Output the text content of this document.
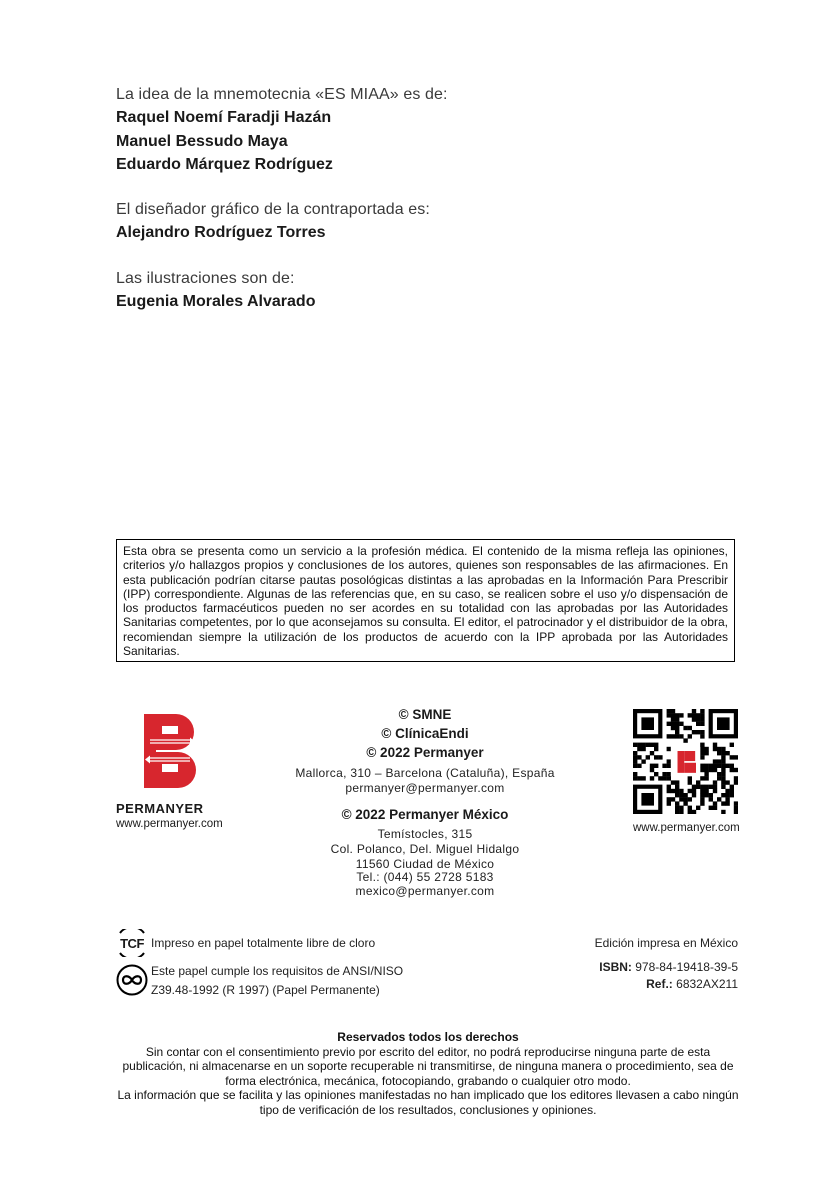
La idea de la mnemotecnia «ES MIAA» es de:
Raquel Noemí Faradji Hazán
Manuel Bessudo Maya
Eduardo Márquez Rodríguez
El diseñador gráfico de la contraportada es:
Alejandro Rodríguez Torres
Las ilustraciones son de:
Eugenia Morales Alvarado
Esta obra se presenta como un servicio a la profesión médica. El contenido de la misma refleja las opiniones, criterios y/o hallazgos propios y conclusiones de los autores, quienes son responsables de las afirmaciones. En esta publicación podrían citarse pautas posológicas distintas a las aprobadas en la Información Para Prescribir (IPP) correspondiente. Algunas de las referencias que, en su caso, se realicen sobre el uso y/o dispensación de los productos farmacéuticos pueden no ser acordes en su totalidad con las aprobadas por las Autoridades Sanitarias competentes, por lo que aconsejamos su consulta. El editor, el patrocinador y el distribuidor de la obra, recomiendan siempre la utilización de los productos de acuerdo con la IPP aprobada por las Autoridades Sanitarias.
PERMANYER
www.permanyer.com
© SMNE
© ClínicaEndi
© 2022 Permanyer
Mallorca, 310 – Barcelona (Cataluña), España
permanyer@permanyer.com
© 2022 Permanyer México
Temístocles, 315
Col. Polanco, Del. Miguel Hidalgo
11560 Ciudad de México
Tel.: (044) 55 2728 5183
mexico@permanyer.com
www.permanyer.com
TCF Impreso en papel totalmente libre de cloro
Este papel cumple los requisitos de ANSI/NISO
Z39.48-1992 (R 1997) (Papel Permanente)
Edición impresa en México
ISBN: 978-84-19418-39-5
Ref.: 6832AX211
Reservados todos los derechos
Sin contar con el consentimiento previo por escrito del editor, no podrá reproducirse ninguna parte de esta publicación, ni almacenarse en un soporte recuperable ni transmitirse, de ninguna manera o procedimiento, sea de forma electrónica, mecánica, fotocopiando, grabando o cualquier otro modo.
La información que se facilita y las opiniones manifestadas no han implicado que los editores llevasen a cabo ningún tipo de verificación de los resultados, conclusiones y opiniones.
